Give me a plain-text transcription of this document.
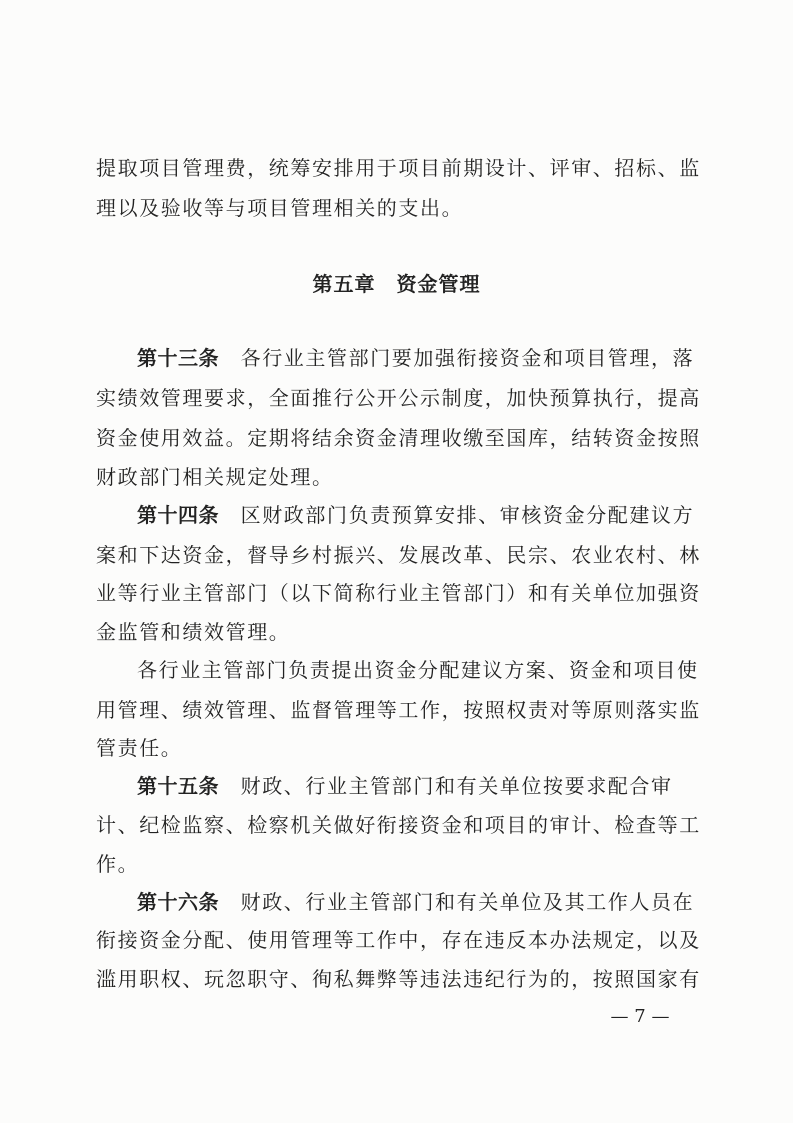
提取项目管理费，统筹安排用于项目前期设计、评审、招标、监
理以及验收等与项目管理相关的支出。
第五章　资金管理
第十三条　各行业主管部门要加强衔接资金和项目管理，落
实绩效管理要求，全面推行公开公示制度，加快预算执行，提高
资金使用效益。定期将结余资金清理收缴至国库，结转资金按照
财政部门相关规定处理。
第十四条　区财政部门负责预算安排、审核资金分配建议方
案和下达资金，督导乡村振兴、发展改革、民宗、农业农村、林
业等行业主管部门（以下简称行业主管部门）和有关单位加强资
金监管和绩效管理。
各行业主管部门负责提出资金分配建议方案、资金和项目使
用管理、绩效管理、监督管理等工作，按照权责对等原则落实监
管责任。
第十五条　财政、行业主管部门和有关单位按要求配合审
计、纪检监察、检察机关做好衔接资金和项目的审计、检查等工
作。
第十六条　财政、行业主管部门和有关单位及其工作人员在
衔接资金分配、使用管理等工作中，存在违反本办法规定，以及
滥用职权、玩忽职守、徇私舞弊等违法违纪行为的，按照国家有
— 7 —
